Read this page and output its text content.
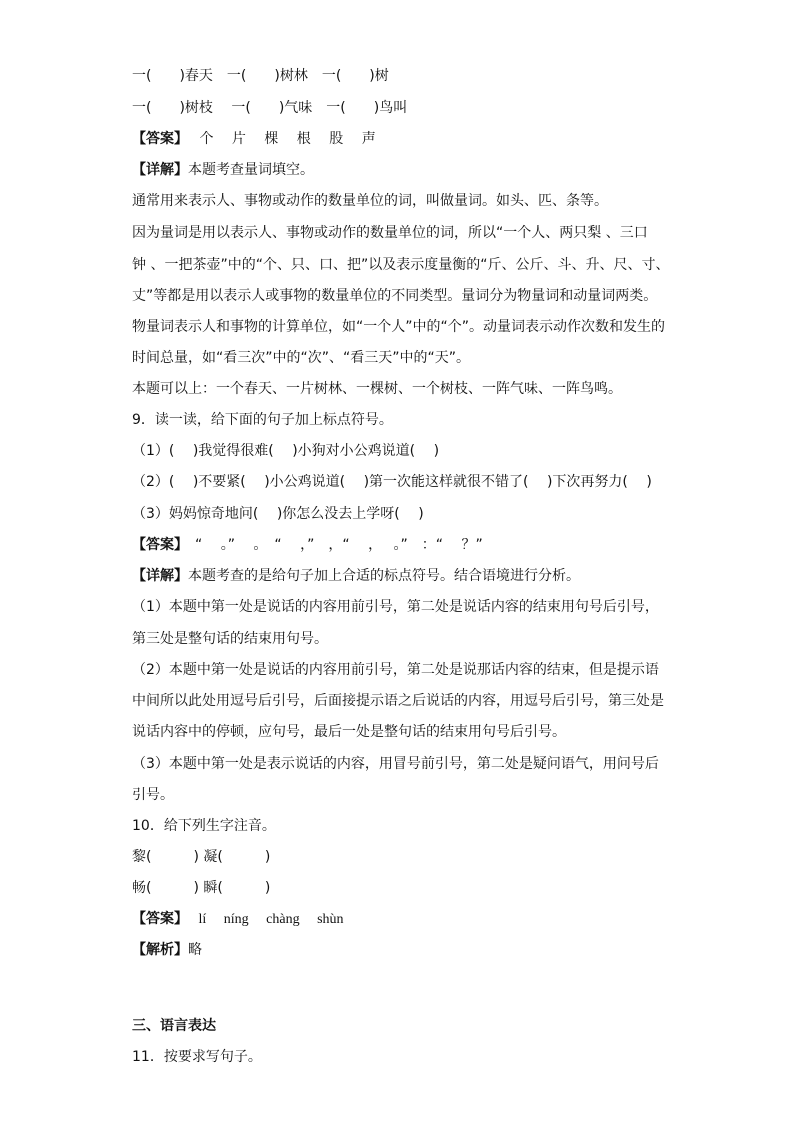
一(　　)春天　一(　　)树林　一(　　)树
一(　　)树枝　 一(　　)气味　一(　　)鸟叫
【答案】　 个　 片　 棵　 根　 股　 声
【详解】本题考查量词填空。
通常用来表示人、事物或动作的数量单位的词，叫做量词。如头、匹、条等。
因为量词是用以表示人、事物或动作的数量单位的词，所以“一个人、两只梨 、三口
钟 、一把茶壶”中的“个、只、口、把”以及表示度量衡的“斤、公斤、斗、升、尺、寸、
丈”等都是用以表示人或事物的数量单位的不同类型。量词分为物量词和动量词两类。
物量词表示人和事物的计算单位，如“一个人”中的“个”。动量词表示动作次数和发生的
时间总量，如“看三次”中的“次”、“看三天”中的“天”。
本题可以上：一个春天、一片树林、一棵树、一个树枝、一阵气味、一阵鸟鸣。
9．读一读，给下面的句子加上标点符号。
（1）(　 )我觉得很难(　 )小狗对小公鸡说道(　 )
（2）(　 )不要紧(　 )小公鸡说道(　 )第一次能这样就很不错了(　 )下次再努力(　 )
（3）妈妈惊奇地问(　 )你怎么没去上学呀(　 )
【答案】　“　 。”　 。　“　 ，”　，“　 ，　 。”　：“　 ？”
【详解】本题考查的是给句子加上合适的标点符号。结合语境进行分析。
（1）本题中第一处是说话的内容用前引号，第二处是说话内容的结束用句号后引号，
第三处是整句话的结束用句号。
（2）本题中第一处是说话的内容用前引号，第二处是说那话内容的结束，但是提示语
中间所以此处用逗号后引号，后面接提示语之后说话的内容，用逗号后引号，第三处是
说话内容中的停顿，应句号，最后一处是整句话的结束用句号后引号。
（3）本题中第一处是表示说话的内容，用冒号前引号，第二处是疑问语气，用问号后
引号。
10．给下列生字注音。
黎(　　　) 凝(　　　)
畅(　　　) 瞬(　　　)
【答案】　 lí　 níng　 chàng　 shùn
【解析】略
三、语言表达
11．按要求写句子。
